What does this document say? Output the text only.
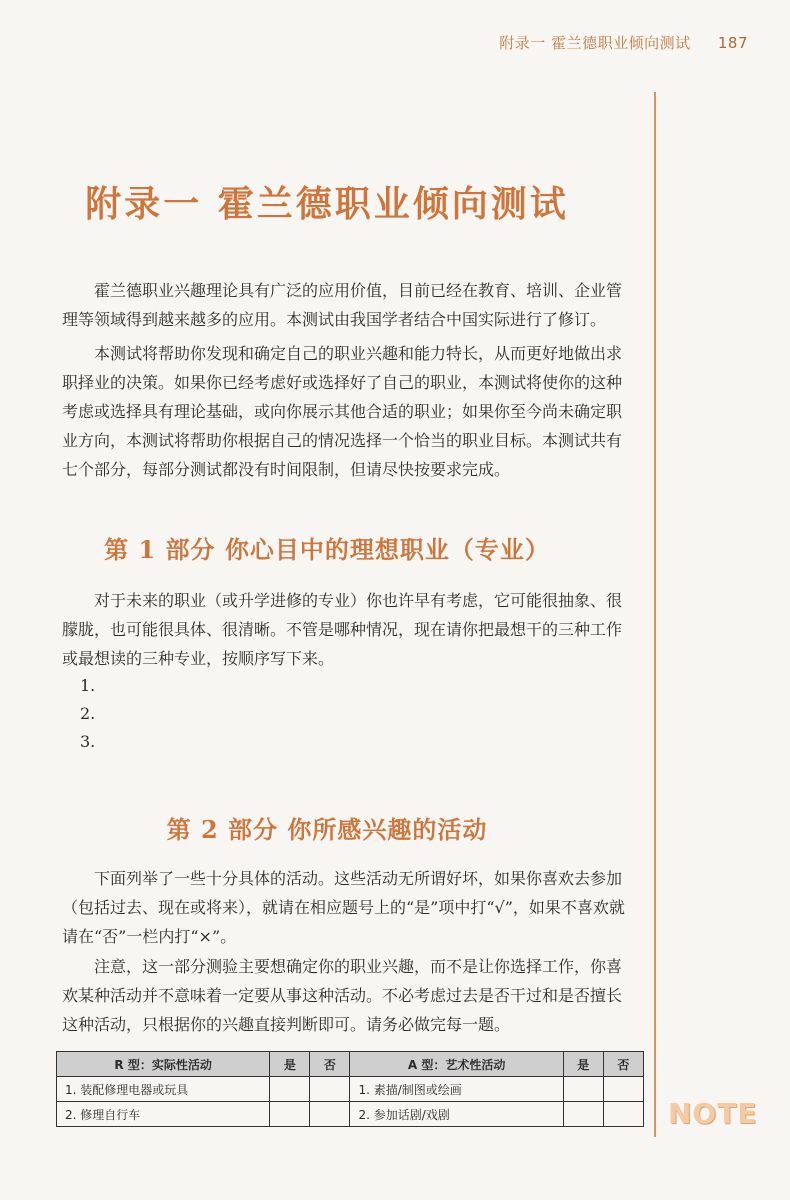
附录一 霍兰德职业倾向测试 187
附录一 霍兰德职业倾向测试

霍兰德职业兴趣理论具有广泛的应用价值，目前已经在教育、培训、企业管理等领域得到越来越多的应用。本测试由我国学者结合中国实际进行了修订。

本测试将帮助你发现和确定自己的职业兴趣和能力特长，从而更好地做出求职择业的决策。如果你已经考虑好或选择好了自己的职业，本测试将使你的这种考虑或选择具有理论基础，或向你展示其他合适的职业；如果你至今尚未确定职业方向，本测试将帮助你根据自己的情况选择一个恰当的职业目标。本测试共有七个部分，每部分测试都没有时间限制，但请尽快按要求完成。

第 1 部分 你心目中的理想职业（专业）

对于未来的职业（或升学进修的专业）你也许早有考虑，它可能很抽象、很朦胧，也可能很具体、很清晰。不管是哪种情况，现在请你把最想干的三种工作或最想读的三种专业，按顺序写下来。

1.
2.
3.
第 2 部分 你所感兴趣的活动

下面列举了一些十分具体的活动。这些活动无所谓好坏，如果你喜欢去参加（包括过去、现在或将来），就请在相应题号上的“是”项中打“√”，如果不喜欢就请在“否”一栏内打“×”。

注意，这一部分测验主要想确定你的职业兴趣，而不是让你选择工作，你喜欢某种活动并不意味着一定要从事这种活动。不必考虑过去是否干过和是否擅长这种活动，只根据你的兴趣直接判断即可。请务必做完每一题。

R 型：实际性活动	是	否	A 型：艺术性活动	是	否
1. 装配修理电器或玩具			1. 素描/制图或绘画		
2. 修理自行车			2. 参加话剧/戏剧			NOTE
